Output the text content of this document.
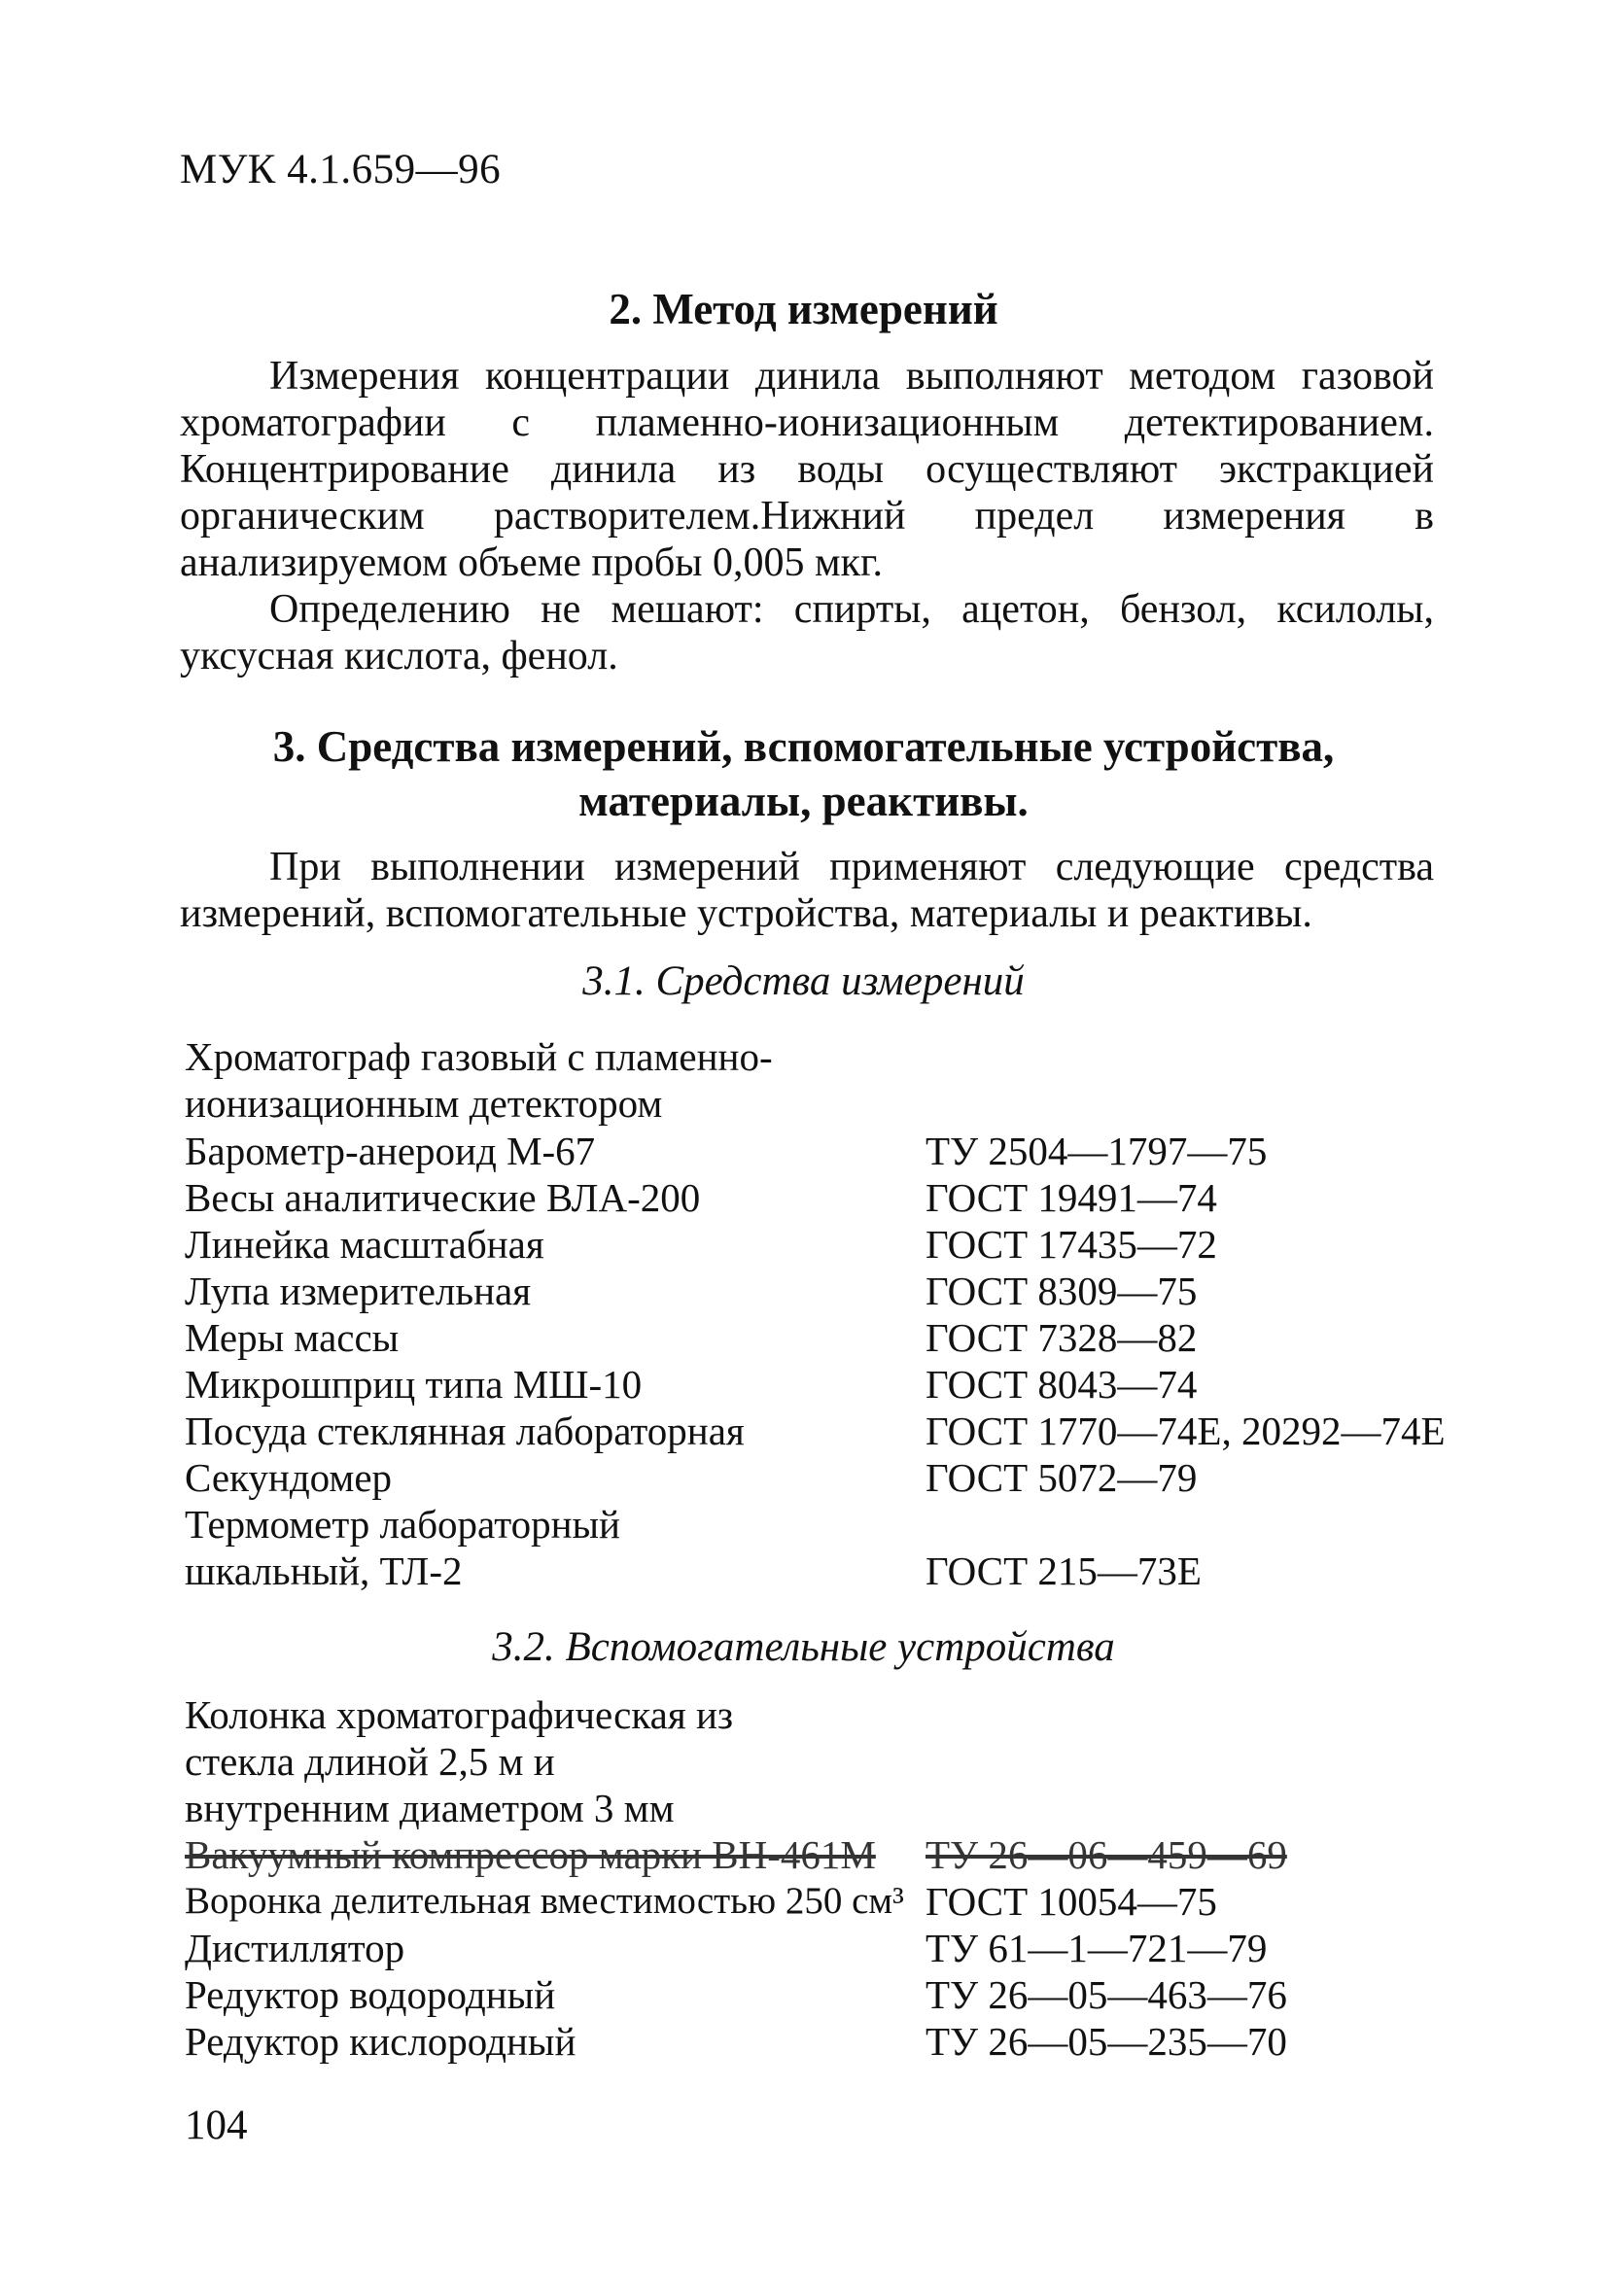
МУК 4.1.659—96
2. Метод измерений
Измерения концентрации динила выполняют методом газовой хроматографии с пламенно-ионизационным детектированием. Концентрирование динила из воды осуществляют экстракцией органическим растворителем.Нижний предел измерения в анализируемом объеме пробы 0,005 мкг.
Определению не мешают: спирты, ацетон, бензол, ксилолы, уксусная кислота, фенол.
3. Средства измерений, вспомогательные устройства,
материалы, реактивы.
При выполнении измерений применяют следующие средства измерений, вспомогательные устройства, материалы и реактивы.
3.1. Средства измерений
Хроматограф газовый с пламенно-ионизационным детектором
Барометр-анероид М-67	ТУ 2504—1797—75
Весы аналитические ВЛА-200	ГОСТ 19491—74
Линейка масштабная	ГОСТ 17435—72
Лупа измерительная	ГОСТ 8309—75
Меры массы	ГОСТ 7328—82
Микрошприц типа МШ-10	ГОСТ 8043—74
Посуда стеклянная лабораторная	ГОСТ 1770—74Е, 20292—74Е
Секундомер	ГОСТ 5072—79
Термометр лабораторный шкальный, ТЛ-2	ГОСТ 215—73Е
3.2. Вспомогательные устройства
Колонка хроматографическая из стекла длиной 2,5 м и внутренним диаметром 3 мм
Вакуумный компрессор марки ВН-461М	ТУ 26—06—459—69
Воронка делительная вместимостью 250 см³ ГОСТ 10054—75
Дистиллятор	ТУ 61—1—721—79
Редуктор водородный	ТУ 26—05—463—76
Редуктор кислородный	ТУ 26—05—235—70
104
